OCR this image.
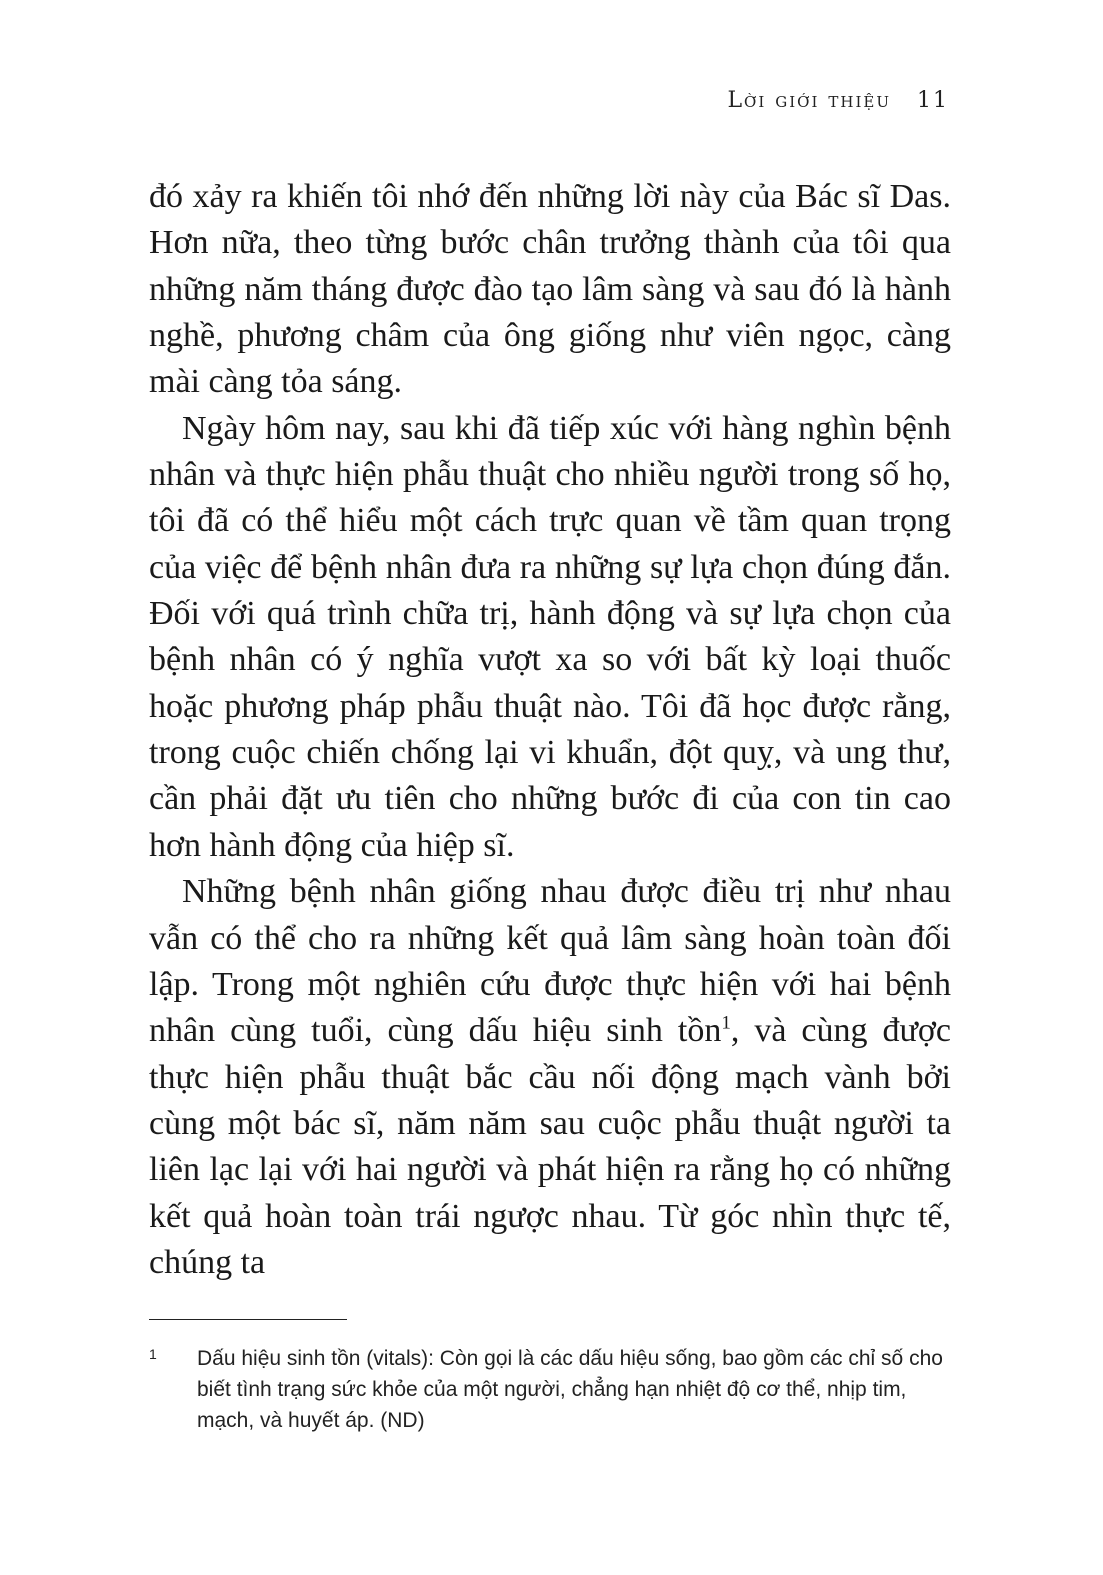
Lời giới thiệu 11

đó xảy ra khiến tôi nhớ đến những lời này của Bác sĩ Das. Hơn nữa, theo từng bước chân trưởng thành của tôi qua những năm tháng được đào tạo lâm sàng và sau đó là hành nghề, phương châm của ông giống như viên ngọc, càng mài càng tỏa sáng.

Ngày hôm nay, sau khi đã tiếp xúc với hàng nghìn bệnh nhân và thực hiện phẫu thuật cho nhiều người trong số họ, tôi đã có thể hiểu một cách trực quan về tầm quan trọng của việc để bệnh nhân đưa ra những sự lựa chọn đúng đắn. Đối với quá trình chữa trị, hành động và sự lựa chọn của bệnh nhân có ý nghĩa vượt xa so với bất kỳ loại thuốc hoặc phương pháp phẫu thuật nào. Tôi đã học được rằng, trong cuộc chiến chống lại vi khuẩn, đột quỵ, và ung thư, cần phải đặt ưu tiên cho những bước đi của con tin cao hơn hành động của hiệp sĩ.

Những bệnh nhân giống nhau được điều trị như nhau vẫn có thể cho ra những kết quả lâm sàng hoàn toàn đối lập. Trong một nghiên cứu được thực hiện với hai bệnh nhân cùng tuổi, cùng dấu hiệu sinh tồn$^1$, và cùng được thực hiện phẫu thuật bắc cầu nối động mạch vành bởi cùng một bác sĩ, năm năm sau cuộc phẫu thuật người ta liên lạc lại với hai người và phát hiện ra rằng họ có những kết quả hoàn toàn trái ngược nhau. Từ góc nhìn thực tế, chúng ta

1 Dấu hiệu sinh tồn (vitals): Còn gọi là các dấu hiệu sống, bao gồm các chỉ số cho biết tình trạng sức khỏe của một người, chẳng hạn nhiệt độ cơ thể, nhịp tim, mạch, và huyết áp. (ND)
